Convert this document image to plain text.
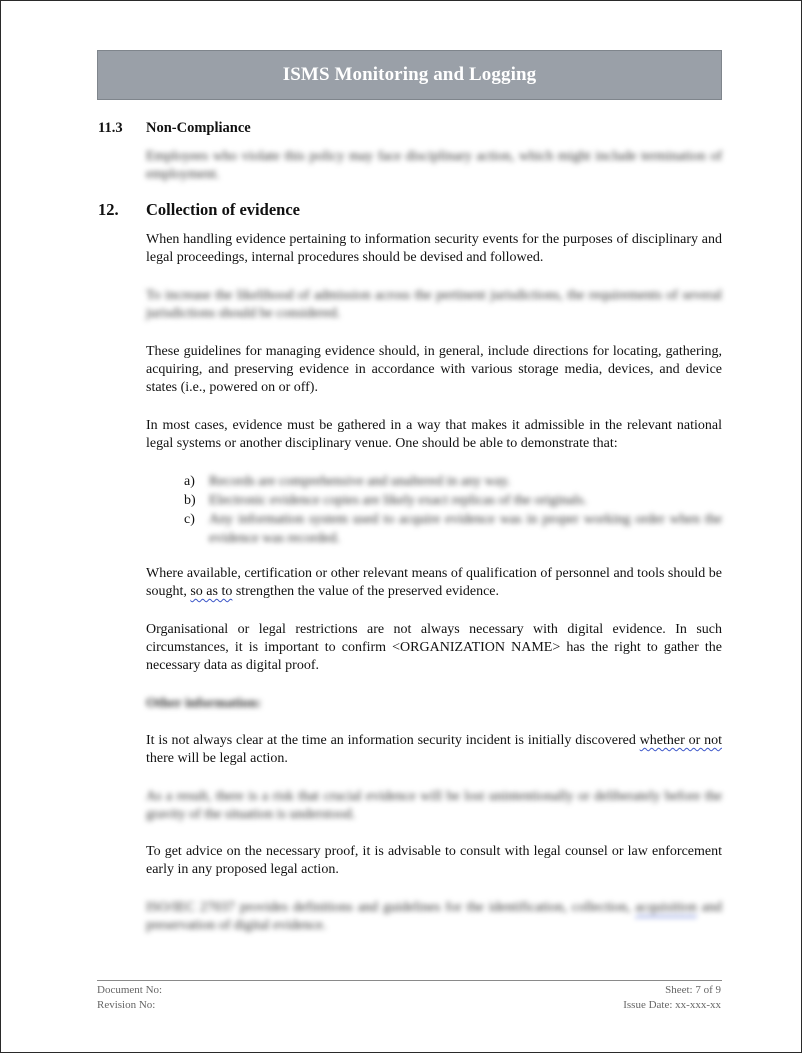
ISMS Monitoring and Logging
11.3 Non-Compliance

Employees who violate this policy may face disciplinary action, which might include termination of employment.

12. Collection of evidence

When handling evidence pertaining to information security events for the purposes of disciplinary and legal proceedings, internal procedures should be devised and followed.

To increase the likelihood of admission across the pertinent jurisdictions, the requirements of several jurisdictions should be considered.

These guidelines for managing evidence should, in general, include directions for locating, gathering, acquiring, and preserving evidence in accordance with various storage media, devices, and device states (i.e., powered on or off).

In most cases, evidence must be gathered in a way that makes it admissible in the relevant national legal systems or another disciplinary venue. One should be able to demonstrate that:

a) Records are comprehensive and unaltered in any way.
b) Electronic evidence copies are likely exact replicas of the originals.
c) Any information system used to acquire evidence was in proper working order when the evidence was recorded.

Where available, certification or other relevant means of qualification of personnel and tools should be sought, so as to strengthen the value of the preserved evidence.

Organisational or legal restrictions are not always necessary with digital evidence. In such circumstances, it is important to confirm <ORGANIZATION NAME> has the right to gather the necessary data as digital proof.

Other information:

It is not always clear at the time an information security incident is initially discovered whether or not there will be legal action.

As a result, there is a risk that crucial evidence will be lost unintentionally or deliberately before the gravity of the situation is understood.

To get advice on the necessary proof, it is advisable to consult with legal counsel or law enforcement early in any proposed legal action.

ISO/IEC 27037 provides definitions and guidelines for the identification, collection, acquisition and preservation of digital evidence.

Document No:
Revision No:
Sheet: 7 of 9
Issue Date: xx-xxx-xx
